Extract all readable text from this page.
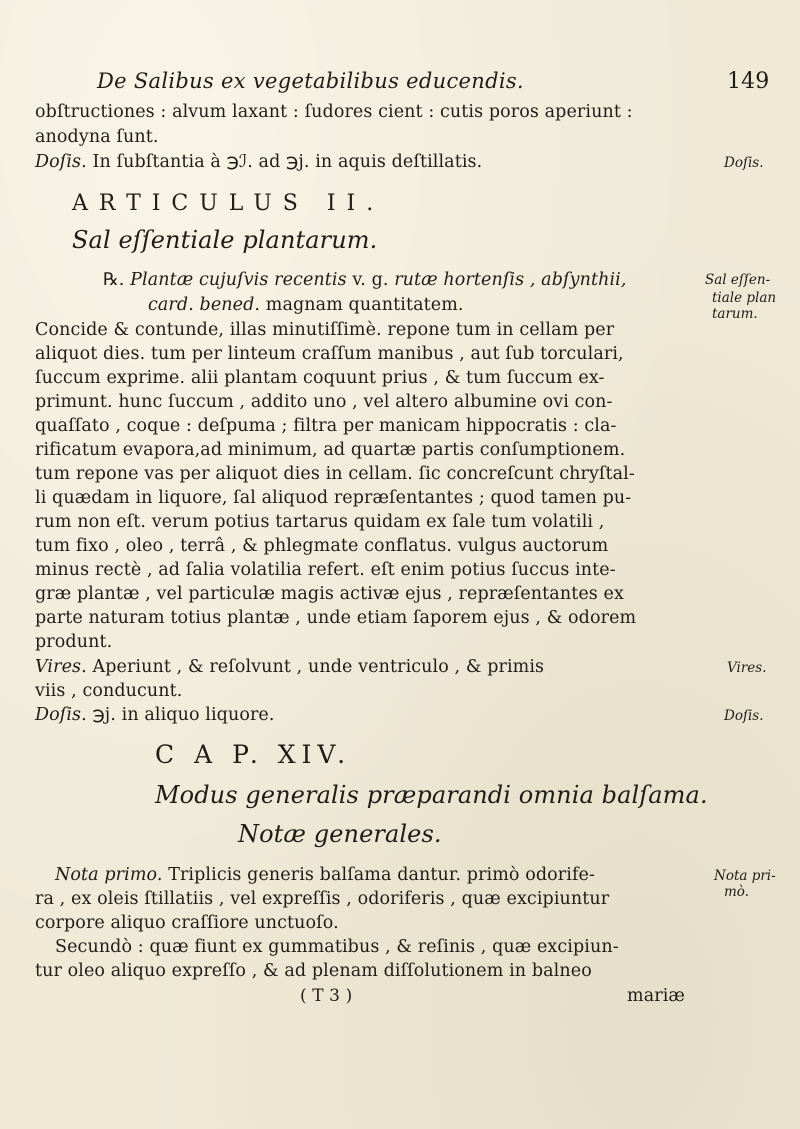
De Salibus ex vegetabilibus educendis.	149
obſtructiones : alvum laxant : ſudores cient : cutis poros aperiunt :
anodyna ſunt.
Doſis. In ſubſtantia à ℈ℐ. ad ℈j. in aquis deſtillatis.	Doſis.
ARTICULUS II.
Sal eſſentiale plantarum.
℞. Plantæ cujuſvis recentis v. g. rutæ hortenſis , abſynthii,	Sal eſſen-
card. bened. magnam quantitatem.	tiale plan
Concide & contunde, illas minutiſſimè. repone tum in cellam per
tarum.
aliquot dies. tum per linteum craſſum manibus , aut ſub torculari,
ſuccum exprime. alii plantam coquunt prius , & tum ſuccum ex-
primunt. hunc ſuccum , addito uno , vel altero albumine ovi con-
quaſſato , coque : deſpuma ; filtra per manicam hippocratis : cla-
rificatum evapora,ad minimum, ad quartæ partis conſumptionem.
tum repone vas per aliquot dies in cellam. ſic concreſcunt chryſtal-
li quædam in liquore, ſal aliquod repræſentantes ; quod tamen pu-
rum non eſt. verum potius tartarus quidam ex ſale tum volatili ,
tum fixo , oleo , terrâ , & phlegmate conflatus. vulgus auctorum
minus rectè , ad ſalia volatilia refert. eſt enim potius ſuccus inte-
græ plantæ , vel particulæ magis activæ ejus , repræſentantes ex
parte naturam totius plantæ , unde etiam ſaporem ejus , & odorem
produnt.
Vires. Aperiunt , & reſolvunt , unde ventriculo , & primis	Vires.
viis , conducunt.
Doſis. ℈j. in aliquo liquore.	Doſis.
C A P. XIV.
Modus generalis præparandi omnia balſama.
Notæ generales.
Nota primo. Triplicis generis balſama dantur. primò odorife-	Nota pri-
ra , ex oleis ſtillatiis , vel expreſſis , odoriferis , quæ excipiuntur	mò.
corpore aliquo craſſiore unctuoſo.
Secundò : quæ fiunt ex gummatibus , & reſinis , quæ excipiun-
tur oleo aliquo expreſſo , & ad plenam diſſolutionem in balneo
( T 3 )	mariæ
